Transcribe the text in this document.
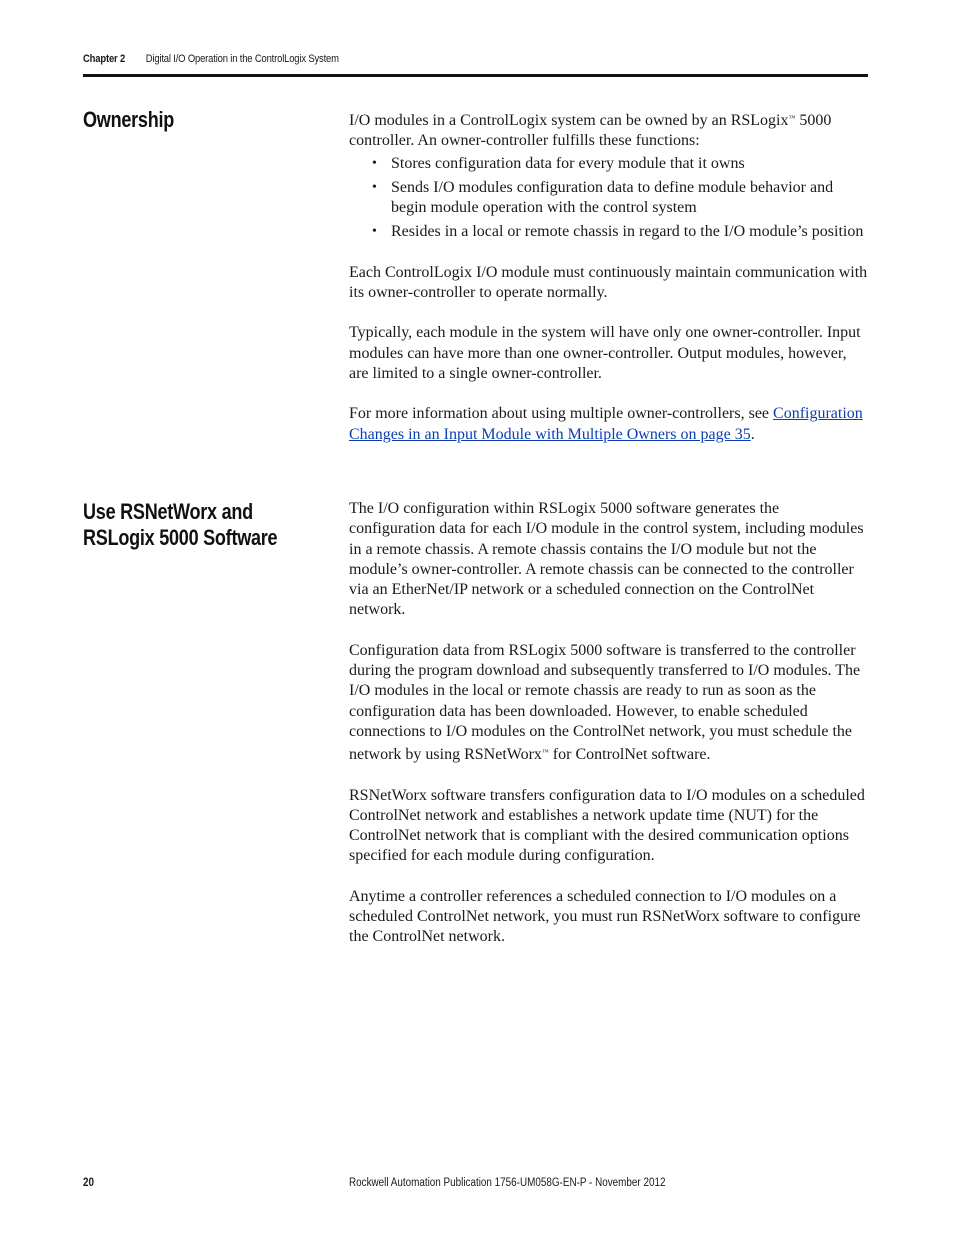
Chapter 2 Digital I/O Operation in the ControlLogix System
Ownership	I/O modules in a ControlLogix system can be owned by an RSLogix™ 5000 controller. An owner-controller fulfills these functions:

• Stores configuration data for every module that it owns
• Sends I/O modules configuration data to define module behavior and begin module operation with the control system
• Resides in a local or remote chassis in regard to the I/O module’s position

Each ControlLogix I/O module must continuously maintain communication with its owner-controller to operate normally.

Typically, each module in the system will have only one owner-controller. Input modules can have more than one owner-controller. Output modules, however, are limited to a single owner-controller.

For more information about using multiple owner-controllers, see Configuration Changes in an Input Module with Multiple Owners on page 35.

Use RSNetWorx and
RSLogix 5000 Software

The I/O configuration within RSLogix 5000 software generates the configuration data for each I/O module in the control system, including modules in a remote chassis. A remote chassis contains the I/O module but not the module’s owner-controller. A remote chassis can be connected to the controller via an EtherNet/IP network or a scheduled connection on the ControlNet network.

Configuration data from RSLogix 5000 software is transferred to the controller during the program download and subsequently transferred to I/O modules. The I/O modules in the local or remote chassis are ready to run as soon as the configuration data has been downloaded. However, to enable scheduled connections to I/O modules on the ControlNet network, you must schedule the network by using RSNetWorx™ for ControlNet software.

RSNetWorx software transfers configuration data to I/O modules on a scheduled ControlNet network and establishes a network update time (NUT) for the ControlNet network that is compliant with the desired communication options specified for each module during configuration.

Anytime a controller references a scheduled connection to I/O modules on a scheduled ControlNet network, you must run RSNetWorx software to configure the ControlNet network.

20	Rockwell Automation Publication 1756-UM058G-EN-P - November 2012
